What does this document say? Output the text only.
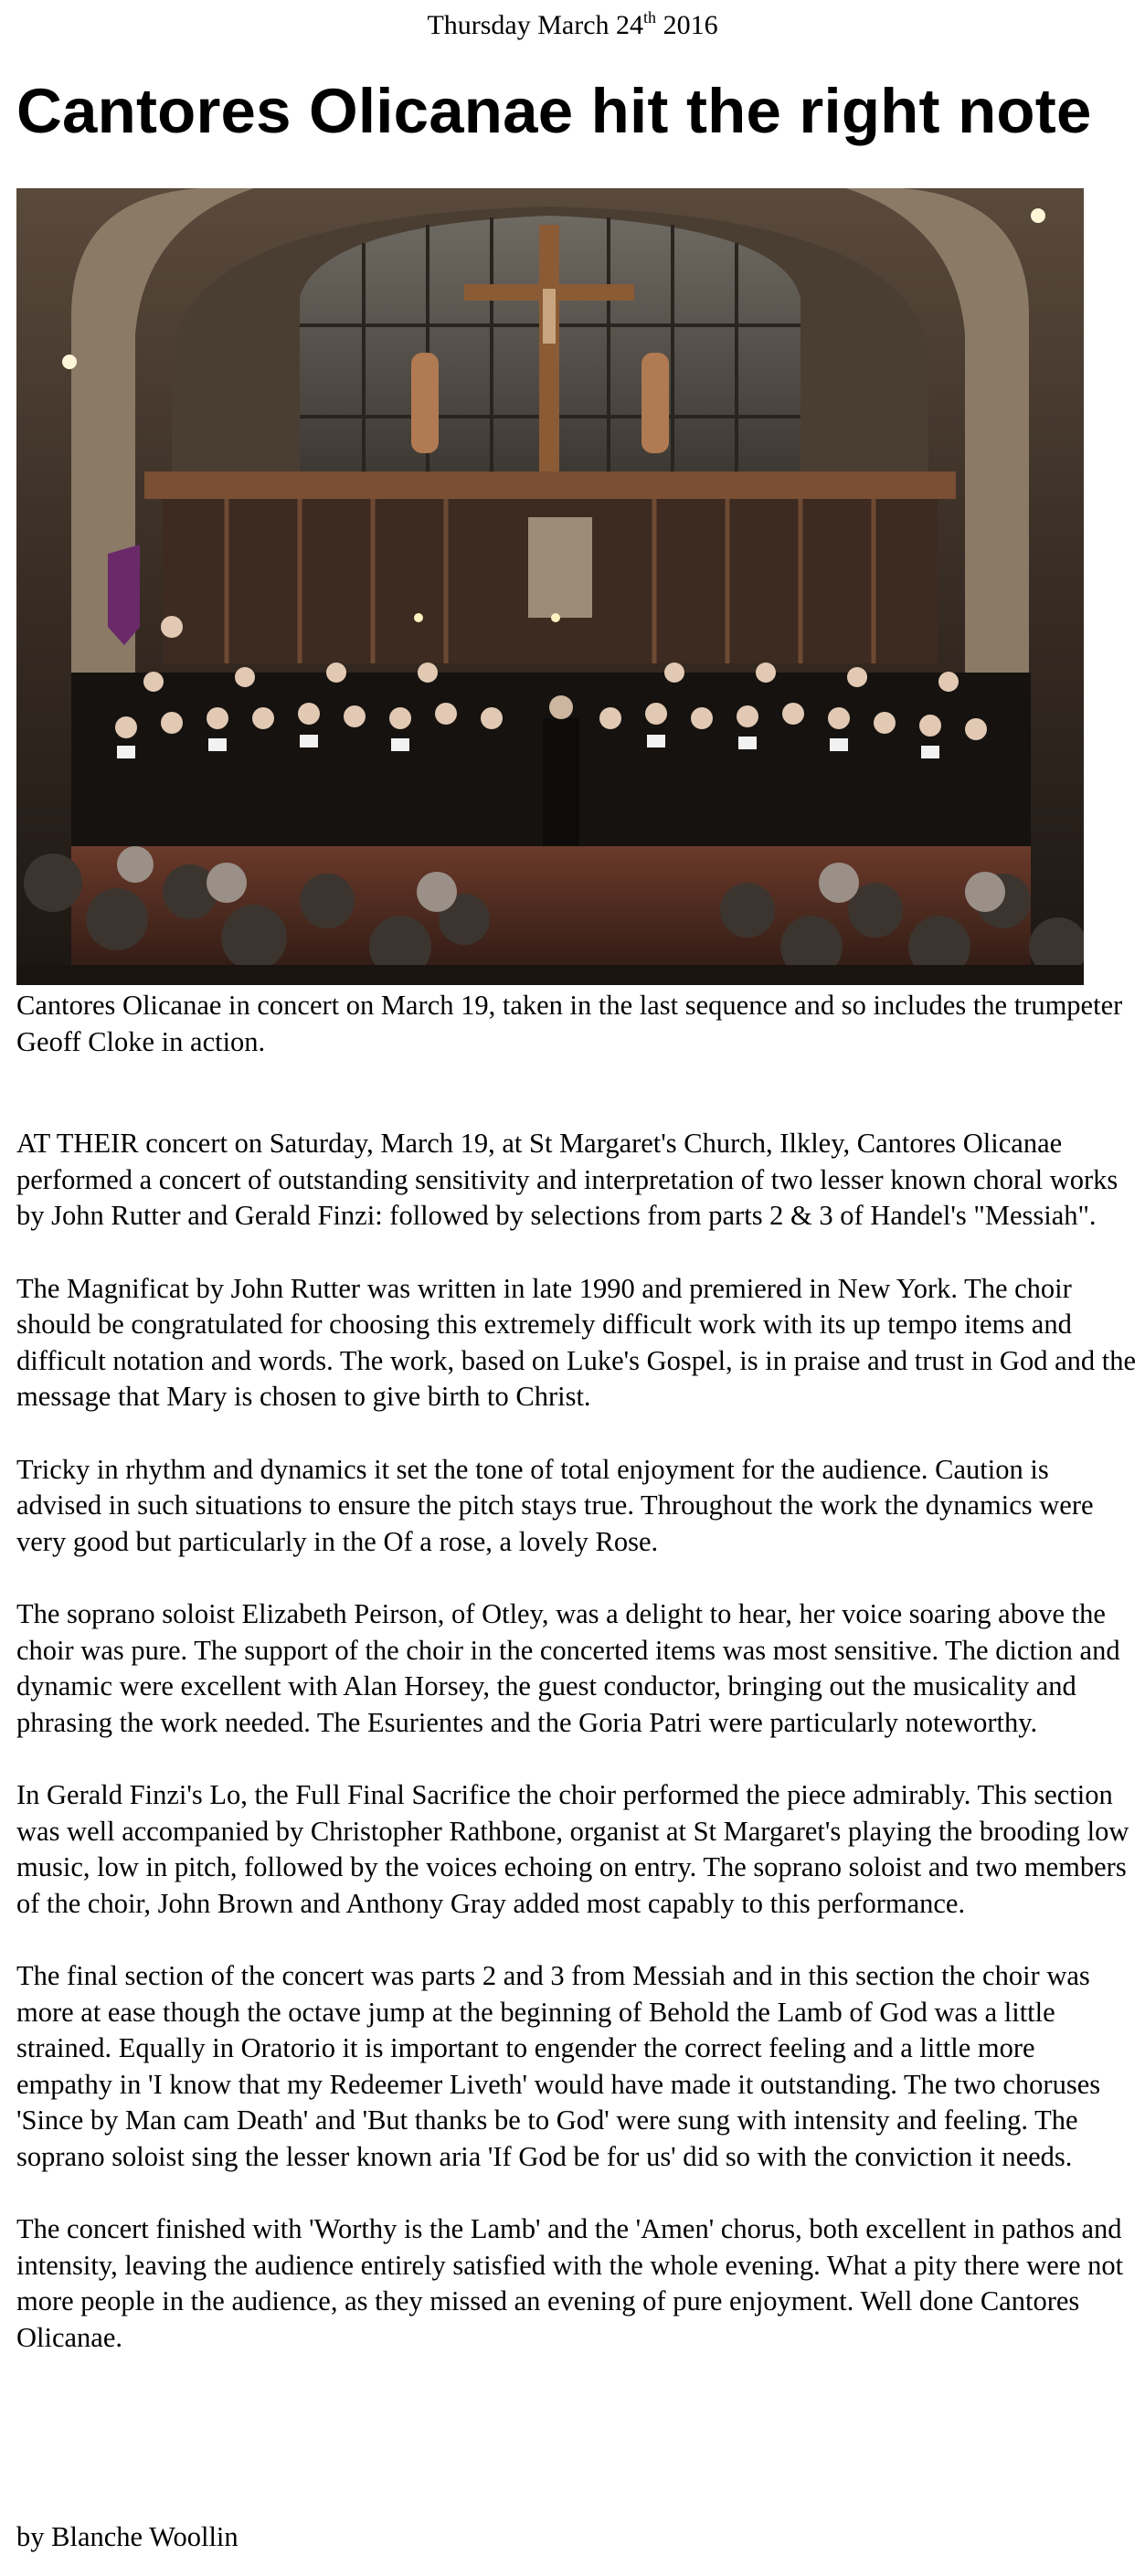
Thursday March 24th 2016
Cantores Olicanae hit the right note

Cantores Olicanae in concert on March 19, taken in the last sequence and so includes the trumpeter Geoff Cloke in action.

AT THEIR concert on Saturday, March 19, at St Margaret's Church, Ilkley, Cantores Olicanae performed a concert of outstanding sensitivity and interpretation of two lesser known choral works by John Rutter and Gerald Finzi: followed by selections from parts 2 & 3 of Handel's "Messiah".

The Magnificat by John Rutter was written in late 1990 and premiered in New York. The choir should be congratulated for choosing this extremely difficult work with its up tempo items and difficult notation and words. The work, based on Luke's Gospel, is in praise and trust in God and the message that Mary is chosen to give birth to Christ.

Tricky in rhythm and dynamics it set the tone of total enjoyment for the audience. Caution is advised in such situations to ensure the pitch stays true. Throughout the work the dynamics were very good but particularly in the Of a rose, a lovely Rose.

The soprano soloist Elizabeth Peirson, of Otley, was a delight to hear, her voice soaring above the choir was pure. The support of the choir in the concerted items was most sensitive. The diction and dynamic were excellent with Alan Horsey, the guest conductor, bringing out the musicality and phrasing the work needed. The Esurientes and the Goria Patri were particularly noteworthy.

In Gerald Finzi's Lo, the Full Final Sacrifice the choir performed the piece admirably. This section was well accompanied by Christopher Rathbone, organist at St Margaret's playing the brooding low music, low in pitch, followed by the voices echoing on entry. The soprano soloist and two members of the choir, John Brown and Anthony Gray added most capably to this performance.

The final section of the concert was parts 2 and 3 from Messiah and in this section the choir was more at ease though the octave jump at the beginning of Behold the Lamb of God was a little strained. Equally in Oratorio it is important to engender the correct feeling and a little more empathy in 'I know that my Redeemer Liveth' would have made it outstanding. The two choruses 'Since by Man cam Death' and 'But thanks be to God' were sung with intensity and feeling. The soprano soloist sing the lesser known aria 'If God be for us' did so with the conviction it needs.

The concert finished with 'Worthy is the Lamb' and the 'Amen' chorus, both excellent in pathos and intensity, leaving the audience entirely satisfied with the whole evening. What a pity there were not more people in the audience, as they missed an evening of pure enjoyment. Well done Cantores Olicanae.

by Blanche Woollin
